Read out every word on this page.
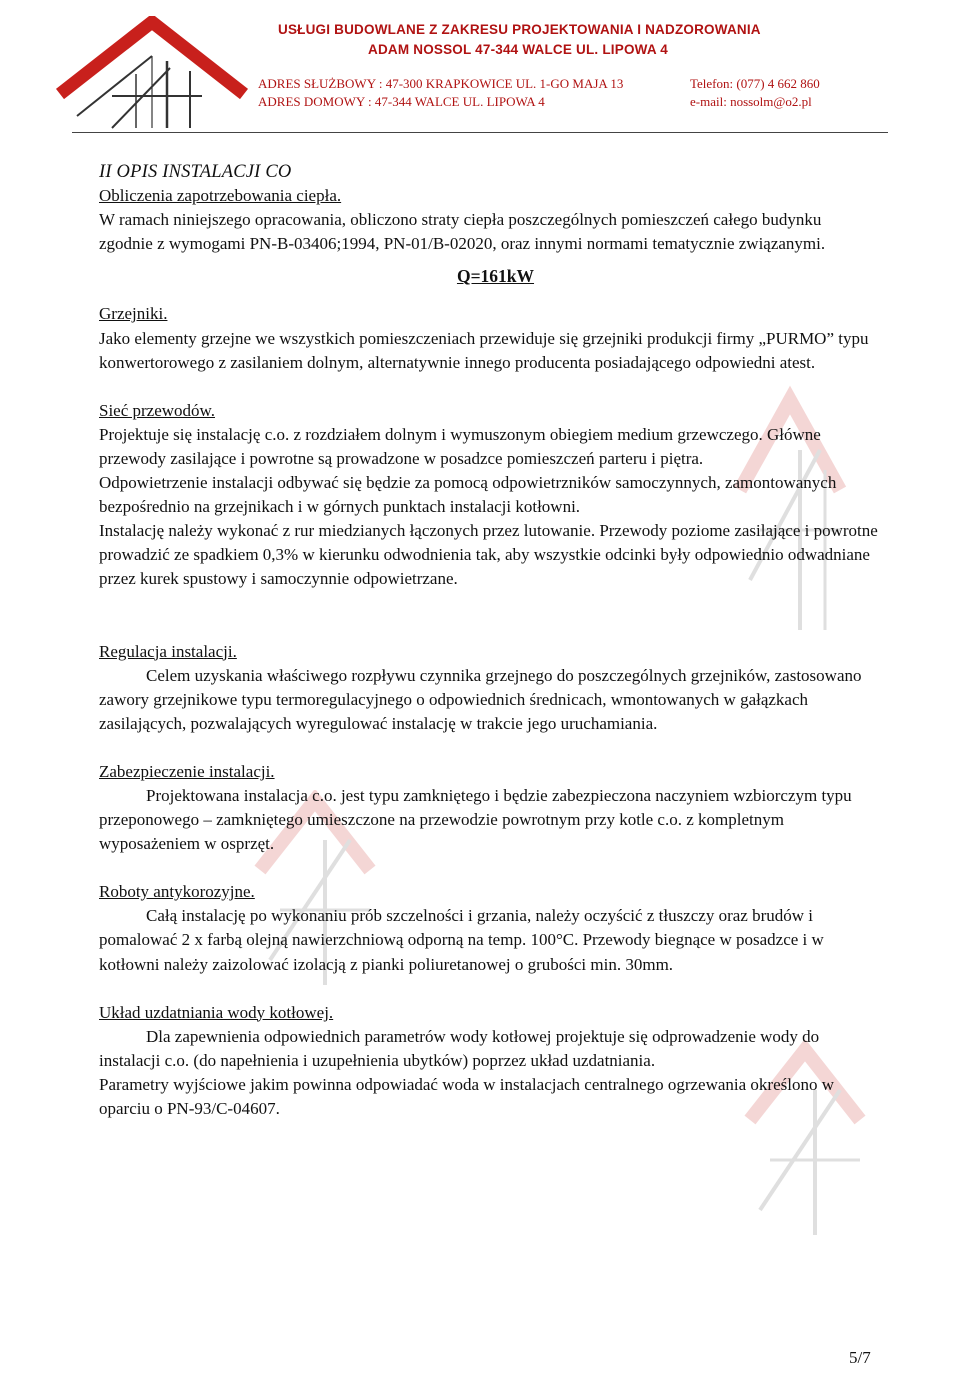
USŁUGI BUDOWLANE Z ZAKRESU PROJEKTOWANIA I NADZOROWANIA
ADAM NOSSOL 47-344 WALCE UL. LIPOWA 4
ADRES SŁUŻBOWY : 47-300 KRAPKOWICE UL. 1-GO MAJA 13
ADRES DOMOWY : 47-344 WALCE UL. LIPOWA 4
Telefon: (077) 4 662 860
e-mail: nossolm@o2.pl

II OPIS INSTALACJI CO

Obliczenia zapotrzebowania ciepła.

W ramach niniejszego opracowania, obliczono straty ciepła poszczególnych pomieszczeń całego budynku zgodnie z wymogami PN-B-03406;1994, PN-01/B-02020, oraz innymi normami tematycznie związanymi.

Q=161kW

Grzejniki.

Jako elementy grzejne we wszystkich pomieszczeniach przewiduje się grzejniki produkcji firmy „PURMO” typu konwertorowego z zasilaniem dolnym, alternatywnie innego producenta posiadającego odpowiedni atest.

Sieć przewodów.

Projektuje się instalację c.o. z rozdziałem dolnym i wymuszonym obiegiem medium grzewczego. Główne przewody zasilające i powrotne są prowadzone w posadzce pomieszczeń parteru i piętra.

Odpowietrzenie instalacji odbywać się będzie za pomocą odpowietrzników samoczynnych, zamontowanych bezpośrednio na grzejnikach i w górnych punktach instalacji kotłowni.

Instalację należy wykonać z rur miedzianych łączonych przez lutowanie. Przewody poziome zasilające i powrotne prowadzić ze spadkiem 0,3% w kierunku odwodnienia tak, aby wszystkie odcinki były odpowiednio odwadniane przez kurek spustowy i samoczynnie odpowietrzane.

Regulacja instalacji.

Celem uzyskania właściwego rozpływu czynnika grzejnego do poszczególnych grzejników, zastosowano zawory grzejnikowe typu termoregulacyjnego o odpowiednich średnicach, wmontowanych w gałązkach zasilających, pozwalających wyregulować instalację w trakcie jego uruchamiania.

Zabezpieczenie instalacji.

Projektowana instalacja c.o. jest typu zamkniętego i będzie zabezpieczona naczyniem wzbiorczym typu przeponowego – zamkniętego umieszczone na przewodzie powrotnym przy kotle c.o. z kompletnym wyposażeniem w osprzęt.

Roboty antykorozyjne.

Całą instalację po wykonaniu prób szczelności i grzania, należy oczyścić z tłuszczy oraz brudów i pomalować 2 x farbą olejną nawierzchniową odporną na temp. 100°C. Przewody biegnące w posadzce i w kotłowni należy zaizolować izolacją z pianki poliuretanowej o grubości min. 30mm.

Układ uzdatniania wody kotłowej.

Dla zapewnienia odpowiednich parametrów wody kotłowej projektuje się odprowadzenie wody do instalacji c.o. (do napełnienia i uzupełnienia ubytków) poprzez układ uzdatniania.

Parametry wyjściowe jakim powinna odpowiadać woda w instalacjach centralnego ogrzewania określono w oparciu o PN-93/C-04607.

5/7
